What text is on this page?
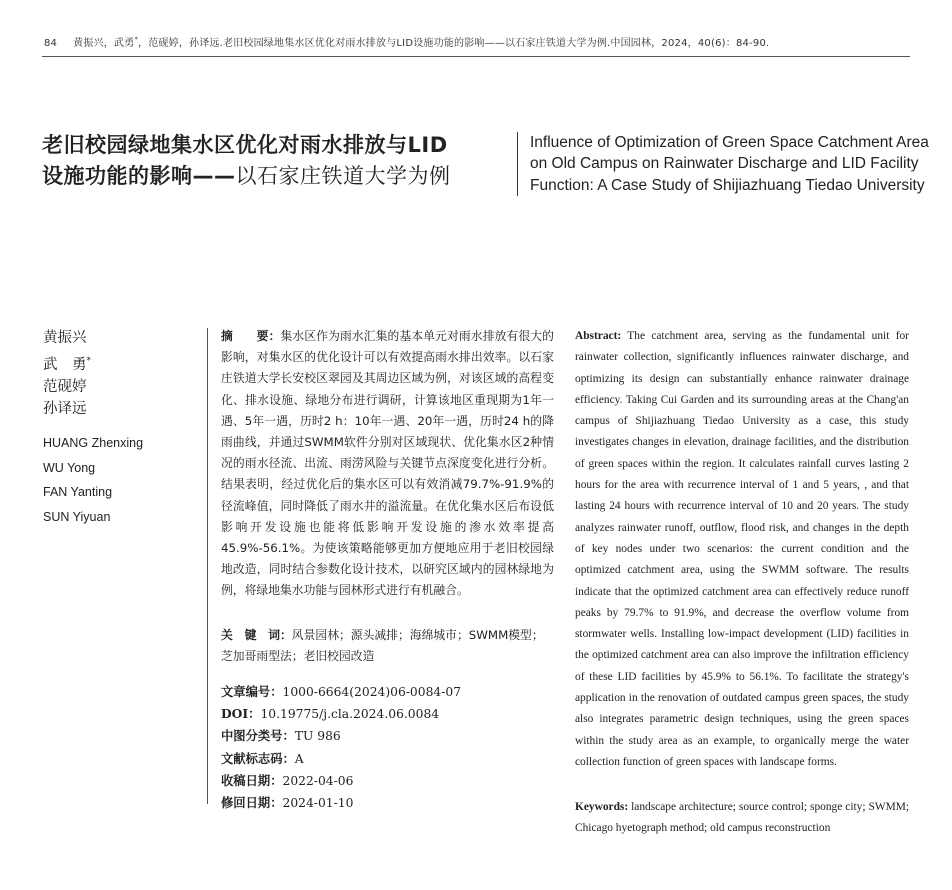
84 黄振兴，武勇*，范砚婷，孙译远.老旧校园绿地集水区优化对雨水排放与LID设施功能的影响——以石家庄铁道大学为例.中国园林，2024，40(6)：84-90.
老旧校园绿地集水区优化对雨水排放与LID
设施功能的影响——以石家庄铁道大学为例
Influence of Optimization of Green Space Catchment Area on Old Campus on Rainwater Discharge and LID Facility Function: A Case Study of Shijiazhuang Tiedao University
黄振兴
武　勇*
范砚婷
孙译远
HUANG Zhenxing
WU Yong
FAN Yanting
SUN Yiyuan
摘　　要：集水区作为雨水汇集的基本单元对雨水排放有很大的影响，对集水区的优化设计可以有效提高雨水排出效率。以石家庄铁道大学长安校区翠园及其周边区域为例，对该区域的高程变化、排水设施、绿地分布进行调研，计算该地区重现期为1年一遇、5年一遇，历时2 h：10年一遇、20年一遇，历时24 h的降雨曲线，并通过SWMM软件分别对区域现状、优化集水区2种情况的雨水径流、出流、雨涝风险与关键节点深度变化进行分析。结果表明，经过优化后的集水区可以有效消减79.7%-91.9%的径流峰值，同时降低了雨水井的溢流量。在优化集水区后布设低影响开发设施也能将低影响开发设施的渗水效率提高45.9%-56.1%。为使该策略能够更加方便地应用于老旧校园绿地改造，同时结合参数化设计技术，以研究区域内的园林绿地为例，将绿地集水功能与园林形式进行有机融合。
关　键　词：风景园林；源头减排；海绵城市；SWMM模型；芝加哥雨型法；老旧校园改造
文章编号：1000-6664(2024)06-0084-07
DOI：10.19775/j.cla.2024.06.0084
中图分类号：TU 986
文献标志码：A
收稿日期：2022-04-06
修回日期：2024-01-10
Abstract: The catchment area, serving as the fundamental unit for rainwater collection, significantly influences rainwater discharge, and optimizing its design can substantially enhance rainwater drainage efficiency. Taking Cui Garden and its surrounding areas at the Chang'an campus of Shijiazhuang Tiedao University as a case, this study investigates changes in elevation, drainage facilities, and the distribution of green spaces within the region. It calculates rainfall curves lasting 2 hours for the area with recurrence interval of 1 and 5 years, , and that lasting 24 hours with recurrence interval of 10 and 20 years. The study analyzes rainwater runoff, outflow, flood risk, and changes in the depth of key nodes under two scenarios: the current condition and the optimized catchment area, using the SWMM software. The results indicate that the optimized catchment area can effectively reduce runoff peaks by 79.7% to 91.9%, and decrease the overflow volume from stormwater wells. Installing low-impact development (LID) facilities in the optimized catchment area can also improve the infiltration efficiency of these LID facilities by 45.9% to 56.1%. To facilitate the strategy's application in the renovation of outdated campus green spaces, the study also integrates parametric design techniques, using the green spaces within the study area as an example, to organically merge the water collection function of green spaces with landscape forms.
Keywords: landscape architecture; source control; sponge city; SWMM; Chicago hyetograph method; old campus reconstruction
